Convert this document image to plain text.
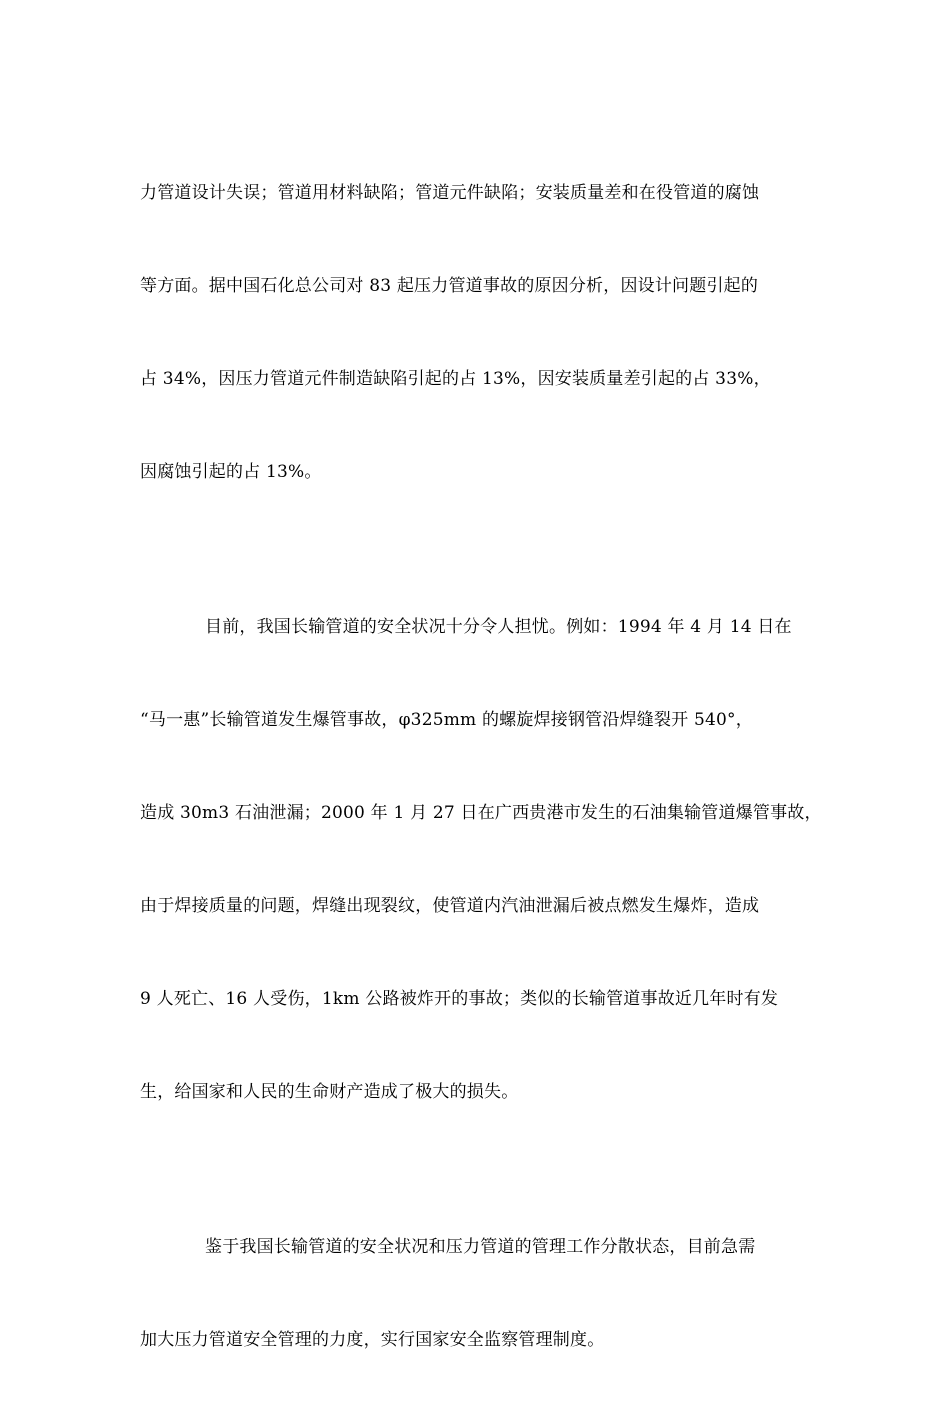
力管道设计失误；管道用材料缺陷；管道元件缺陷；安装质量差和在役管道的腐蚀

等方面。据中国石化总公司对 83 起压力管道事故的原因分析，因设计问题引起的

占 34%，因压力管道元件制造缺陷引起的占 13%，因安装质量差引起的占 33%，

因腐蚀引起的占 13%。

目前，我国长输管道的安全状况十分令人担忧。例如：1994 年 4 月 14 日在

“马一惠”长输管道发生爆管事故，φ325mm 的螺旋焊接钢管沿焊缝裂开 540°，

造成 30m3 石油泄漏；2000 年 1 月 27 日在广西贵港市发生的石油集输管道爆管事故，

由于焊接质量的问题，焊缝出现裂纹，使管道内汽油泄漏后被点燃发生爆炸，造成

9 人死亡、16 人受伤，1km 公路被炸开的事故；类似的长输管道事故近几年时有发

生，给国家和人民的生命财产造成了极大的损失。

鉴于我国长输管道的安全状况和压力管道的管理工作分散状态，目前急需

加大压力管道安全管理的力度，实行国家安全监察管理制度。
